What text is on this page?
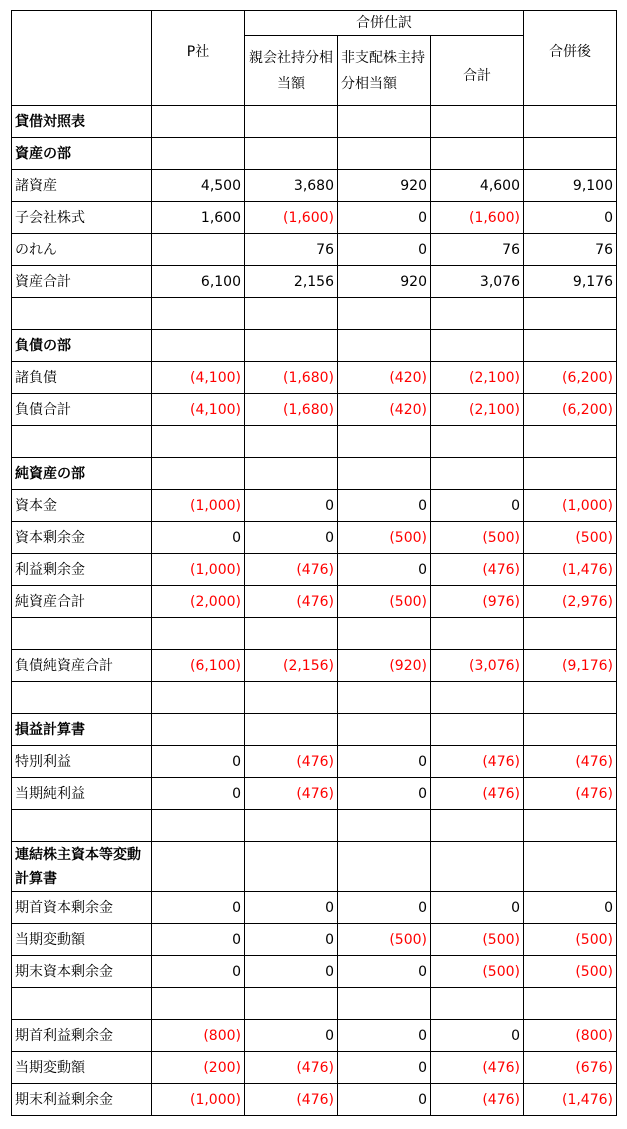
	P社	合併仕訳			合併後
		親会社持分相当額	非支配株主持分相当額	合計	
貸借対照表					
資産の部					
諸資産	4,500	3,680	920	4,600	9,100
子会社株式	1,600	(1,600)	0	(1,600)	0
のれん		76	0	76	76
資産合計	6,100	2,156	920	3,076	9,176

負債の部					
諸負債	(4,100)	(1,680)	(420)	(2,100)	(6,200)
負債合計	(4,100)	(1,680)	(420)	(2,100)	(6,200)

純資産の部					
資本金	(1,000)	0	0	0	(1,000)
資本剰余金	0	0	(500)	(500)	(500)
利益剰余金	(1,000)	(476)	0	(476)	(1,476)
純資産合計	(2,000)	(476)	(500)	(976)	(2,976)

負債純資産合計	(6,100)	(2,156)	(920)	(3,076)	(9,176)

損益計算書					
特別利益	0	(476)	0	(476)	(476)
当期純利益	0	(476)	0	(476)	(476)

連結株主資本等変動計算書					
期首資本剰余金	0	0	0	0	0
当期変動額	0	0	(500)	(500)	(500)
期末資本剰余金	0	0	0	(500)	(500)

期首利益剰余金	(800)	0	0	0	(800)
当期変動額	(200)	(476)	0	(476)	(676)
期末利益剰余金	(1,000)	(476)	0	(476)	(1,476)
